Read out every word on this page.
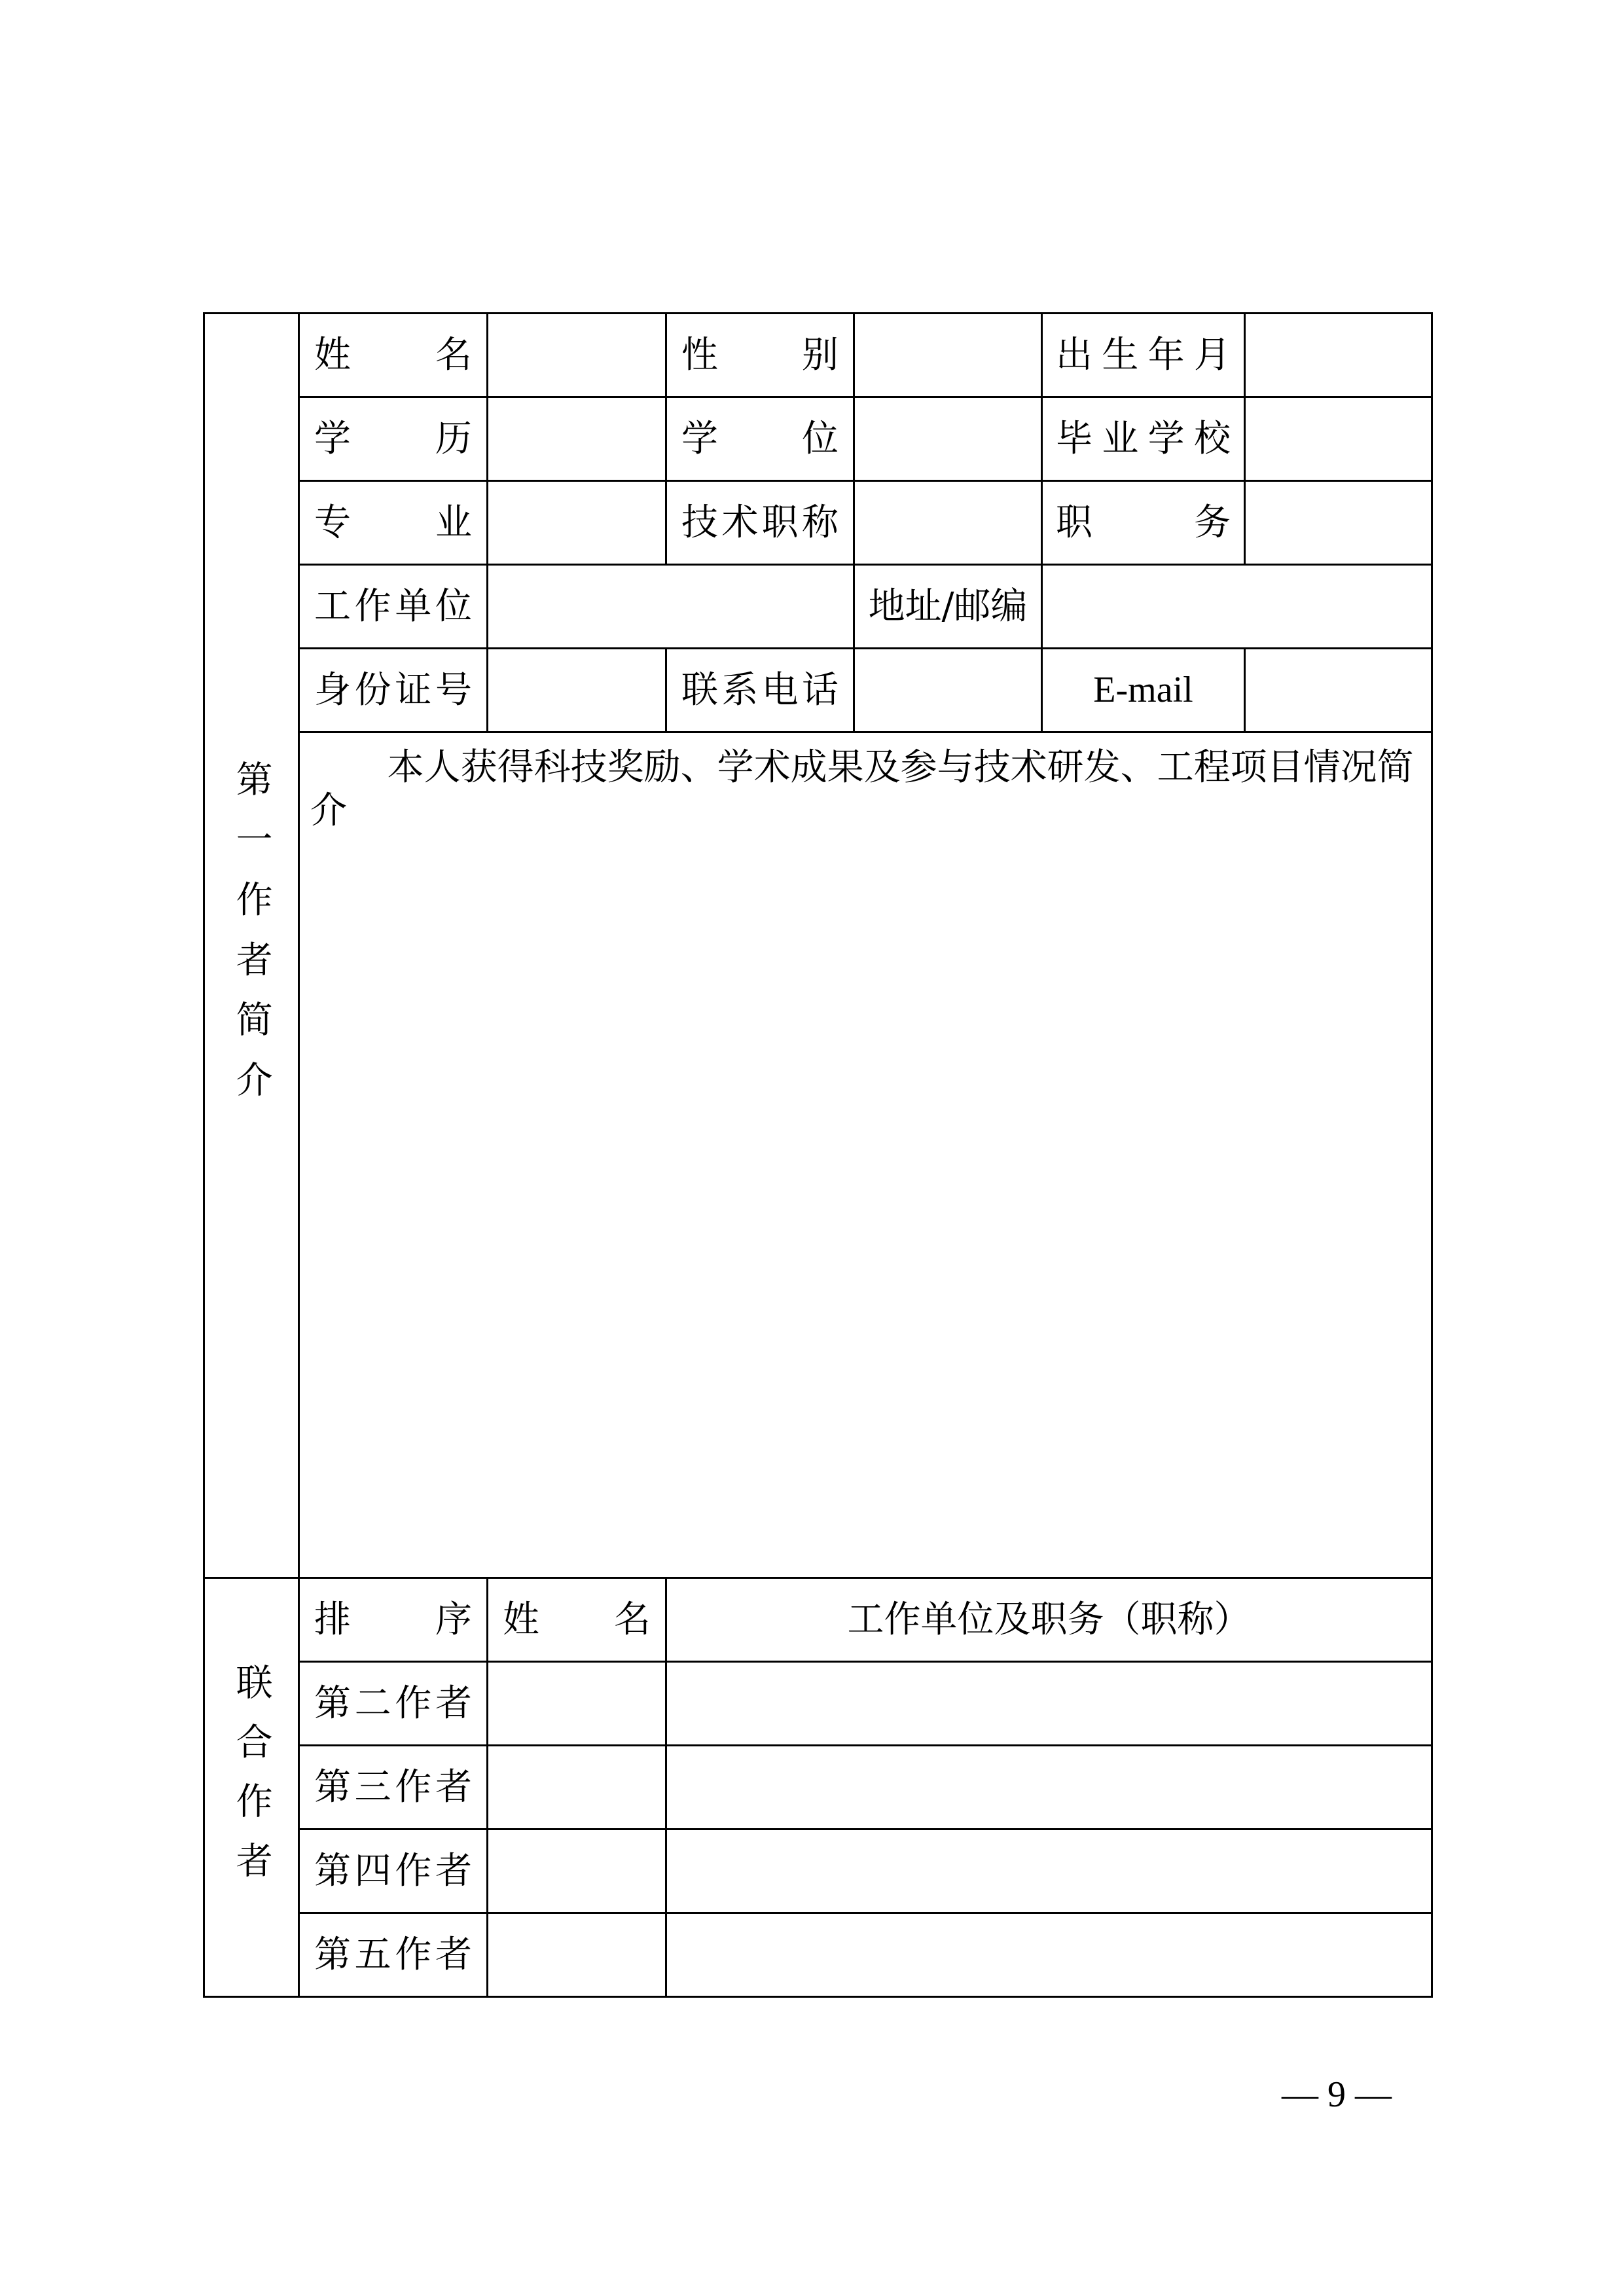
第一作者简介	姓名		性别		出生年月	
	学历		学位		毕业学校	
	专业		技术职称		职务	
	工作单位			地址/邮编		
	身份证号		联系电话		E-mail	

	本人获得科技奖励、学术成果及参与技术研发、工程项目情况简介					

联合作者	排序	姓名	工作单位及职务（职称）			
	第二作者					
	第三作者					
	第四作者					
	第五作者					
— 9 —
